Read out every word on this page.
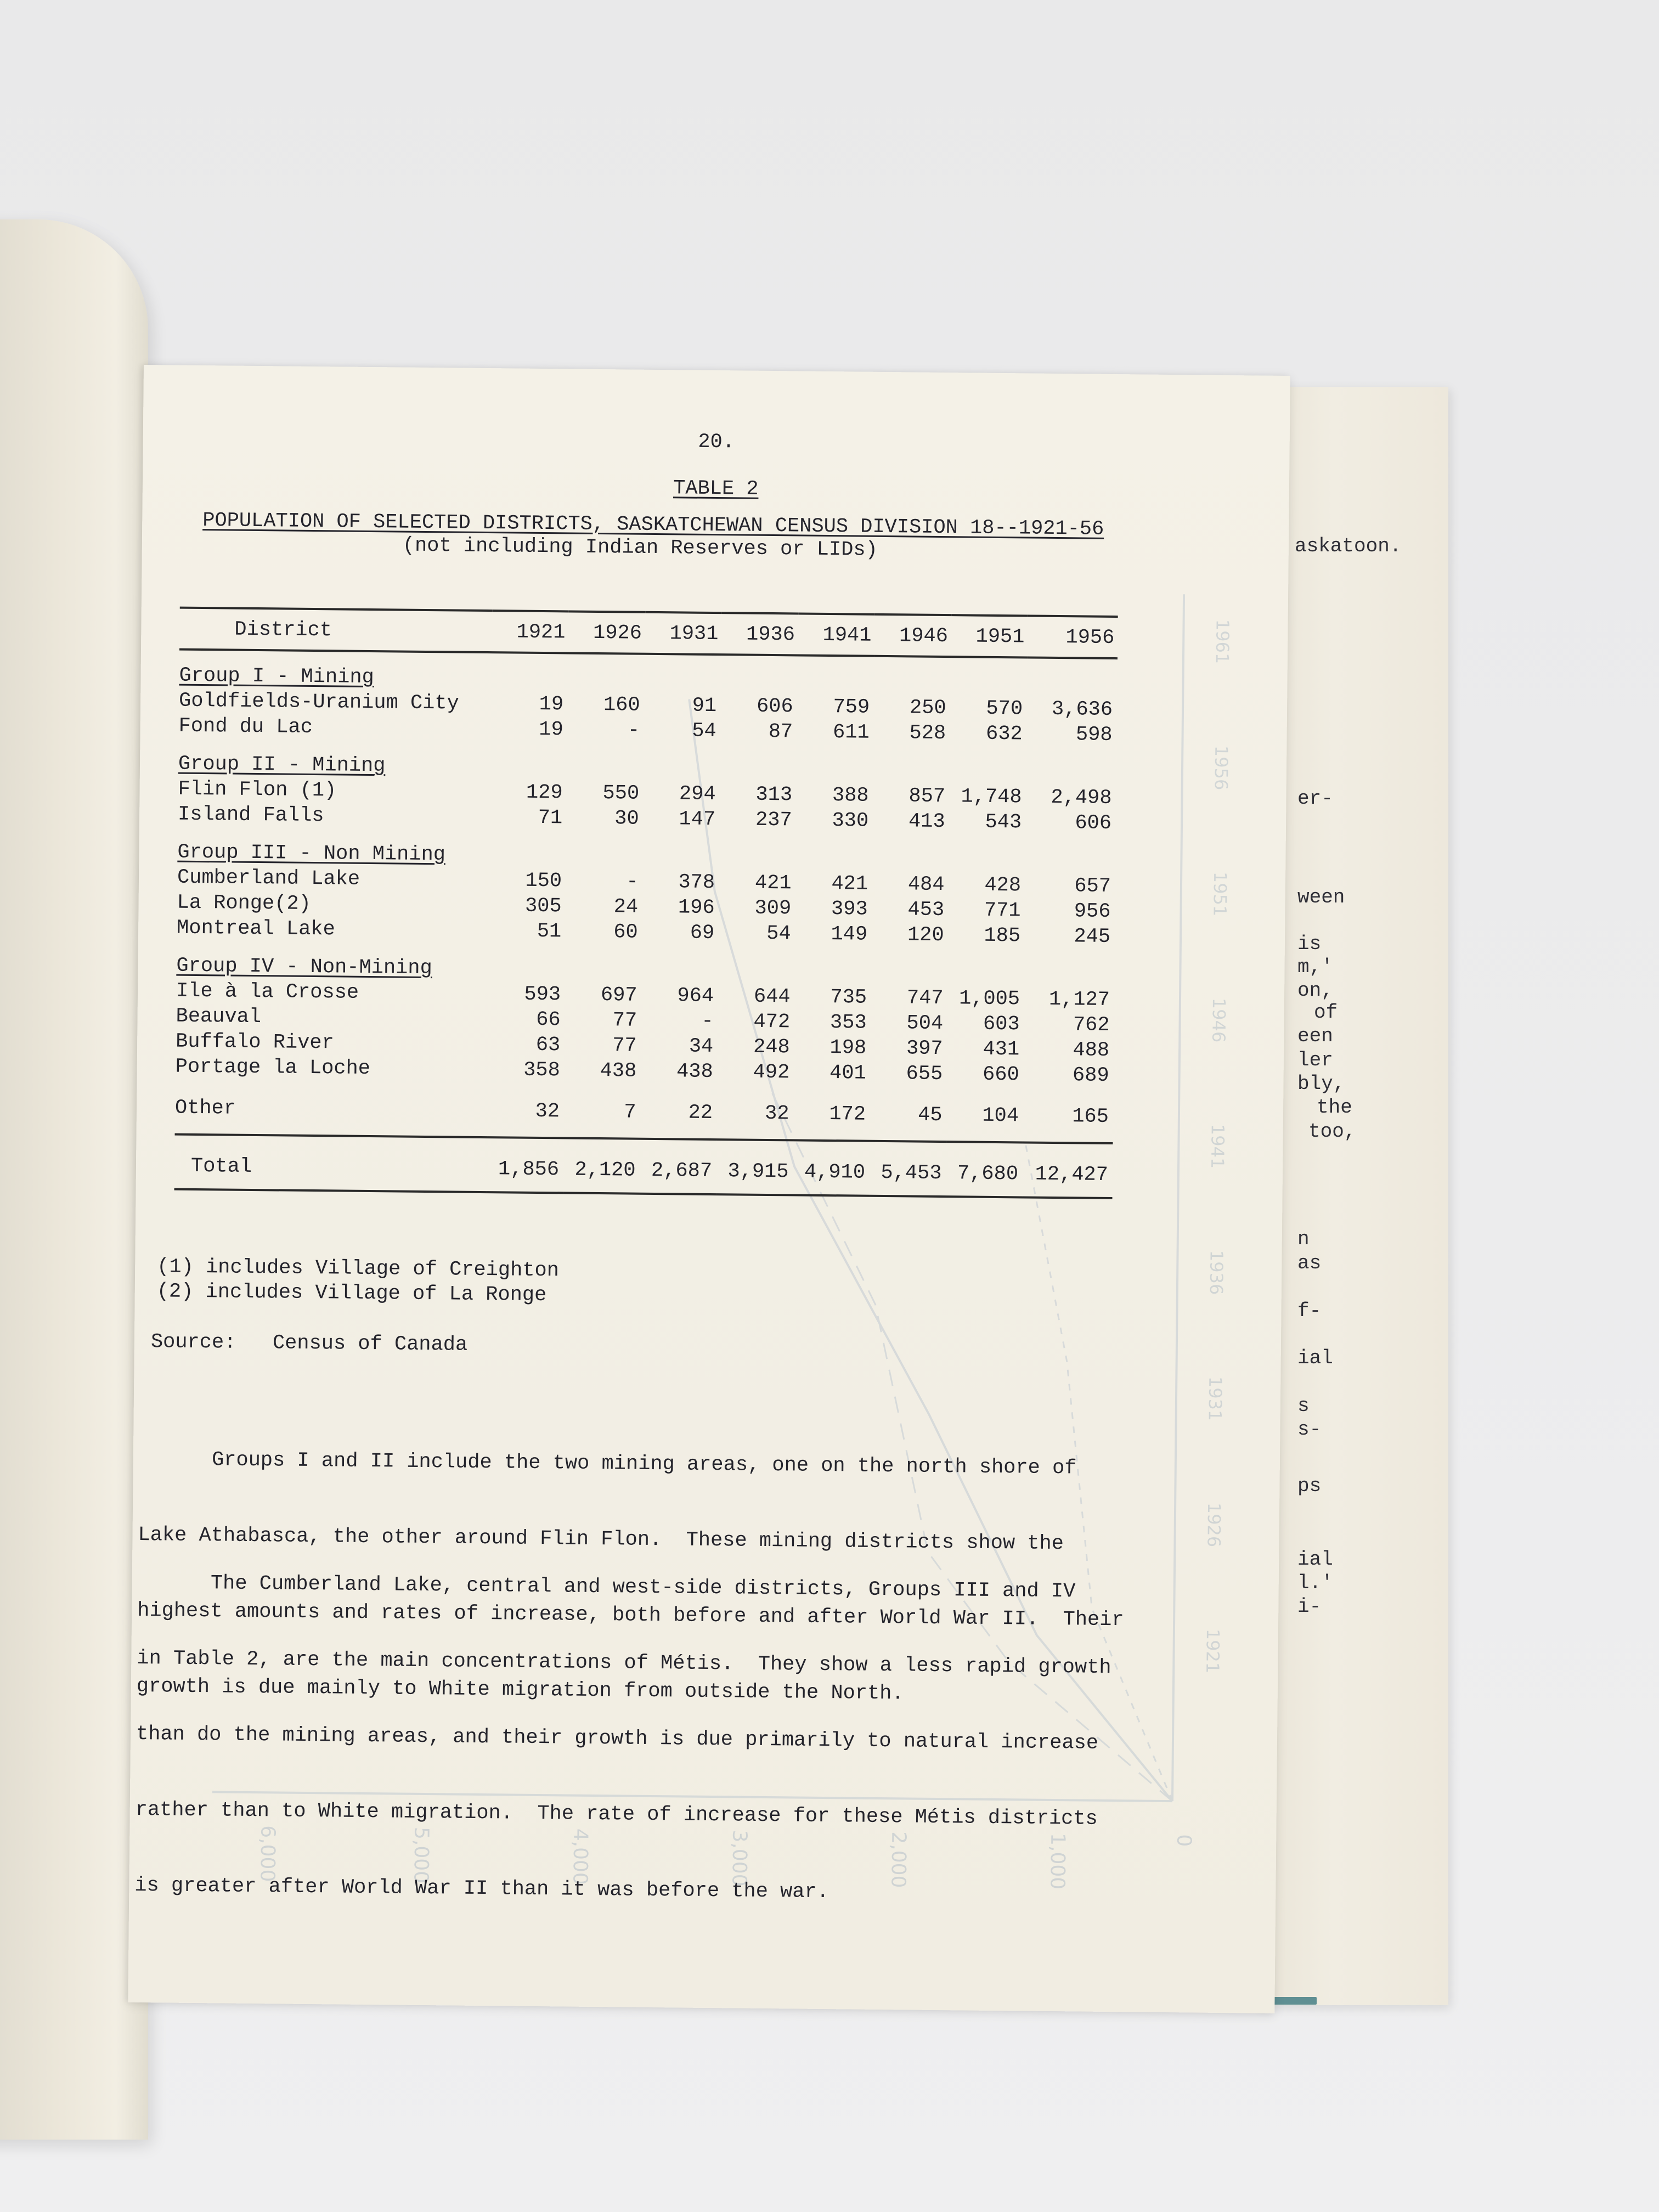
askatoon.
er-
ween
is
m,'
on,
of
een
ler
bly,
the
too,
n
as
f-
ial
s
s-
ps
ial
l.'
i-
1961
1956
1951
1946
1941
1936
1931
1926
1921
6,000	5,000	4,000	3,000	2,000	1,000	0
20.
TABLE 2
POPULATION OF SELECTED DISTRICTS, SASKATCHEWAN CENSUS DIVISION 18--1921-56
(not including Indian Reserves or LIDs)
District	1921	1926	1931	1936	1941	1946	1951	1956
Group I - Mining								
Goldfields-Uranium City	19	160	91	606	759	250	570	3,636
Fond du Lac	19	-	54	87	611	528	632	598
Group II - Mining								
Flin Flon (1)	129	550	294	313	388	857	1,748	2,498
Island Falls	71	30	147	237	330	413	543	606
Group III - Non Mining								
Cumberland Lake	150	-	378	421	421	484	428	657
La Ronge(2)	305	24	196	309	393	453	771	956
Montreal Lake	51	60	69	54	149	120	185	245
Group IV - Non-Mining								
Ile à la Crosse	593	697	964	644	735	747	1,005	1,127
Beauval	66	77	-	472	353	504	603	762
Buffalo River	63	77	34	248	198	397	431	488
Portage la Loche	358	438	438	492	401	655	660	689
Other	32	7	22	32	172	45	104	165
Total	1,856	2,120	2,687	3,915	4,910	5,453	7,680	12,427
(1) includes Village of Creighton
(2) includes Village of La Ronge
Source:   Census of Canada

Groups I and II include the two mining areas, one on the north shore of

Lake Athabasca, the other around Flin Flon.  These mining districts show the

highest amounts and rates of increase, both before and after World War II.  Their

growth is due mainly to White migration from outside the North.

The Cumberland Lake, central and west-side districts, Groups III and IV

in Table 2, are the main concentrations of Métis.  They show a less rapid growth

than do the mining areas, and their growth is due primarily to natural increase

rather than to White migration.  The rate of increase for these Métis districts

is greater after World War II than it was before the war.
